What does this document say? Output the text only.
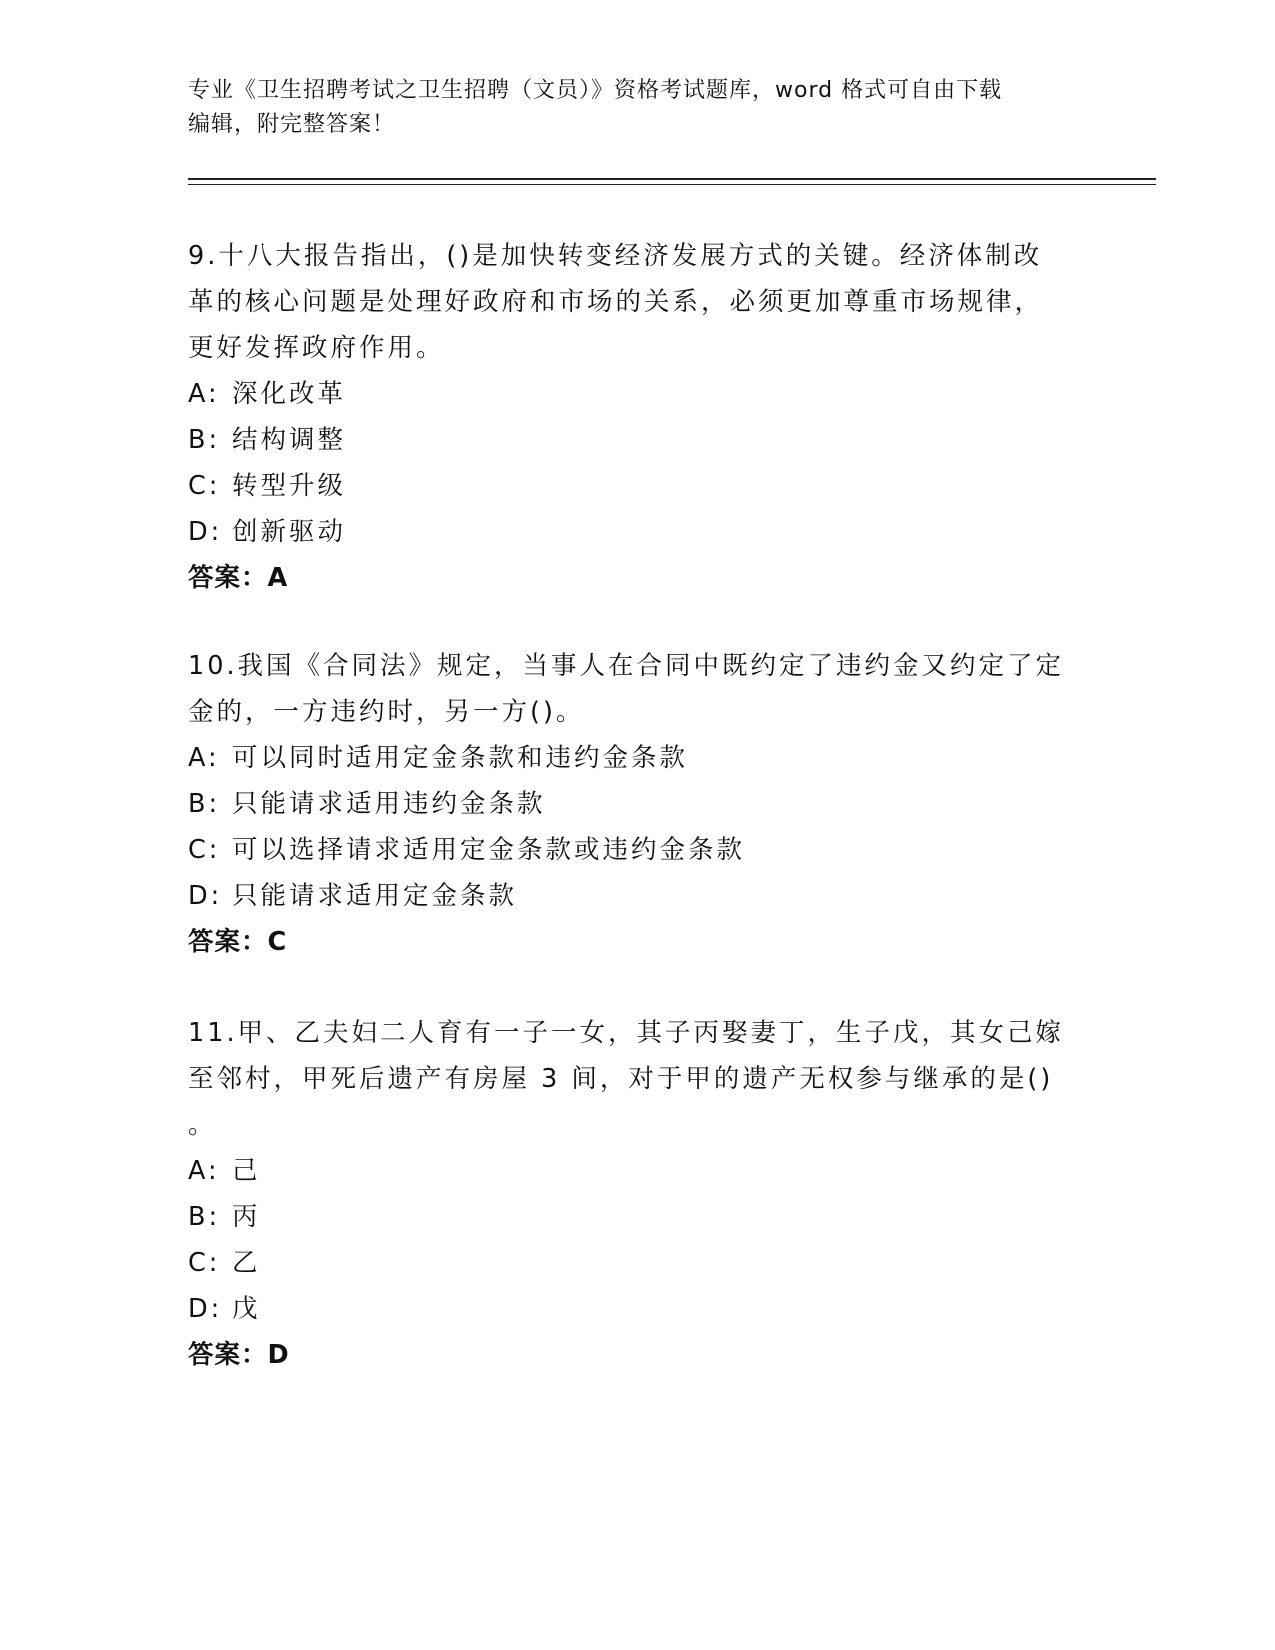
专业《卫生招聘考试之卫生招聘（文员）》资格考试题库，word 格式可自由下载
编辑，附完整答案！
9.十八大报告指出，()是加快转变经济发展方式的关键。经济体制改
革的核心问题是处理好政府和市场的关系，必须更加尊重市场规律，
更好发挥政府作用。
A: 深化改革
B: 结构调整
C: 转型升级
D: 创新驱动
答案：A
10.我国《合同法》规定，当事人在合同中既约定了违约金又约定了定
金的，一方违约时，另一方()。
A: 可以同时适用定金条款和违约金条款
B: 只能请求适用违约金条款
C: 可以选择请求适用定金条款或违约金条款
D: 只能请求适用定金条款
答案：C
11.甲、乙夫妇二人育有一子一女，其子丙娶妻丁，生子戊，其女己嫁
至邻村，甲死后遗产有房屋 3 间，对于甲的遗产无权参与继承的是()
。
A: 己
B: 丙
C: 乙
D: 戊
答案：D
